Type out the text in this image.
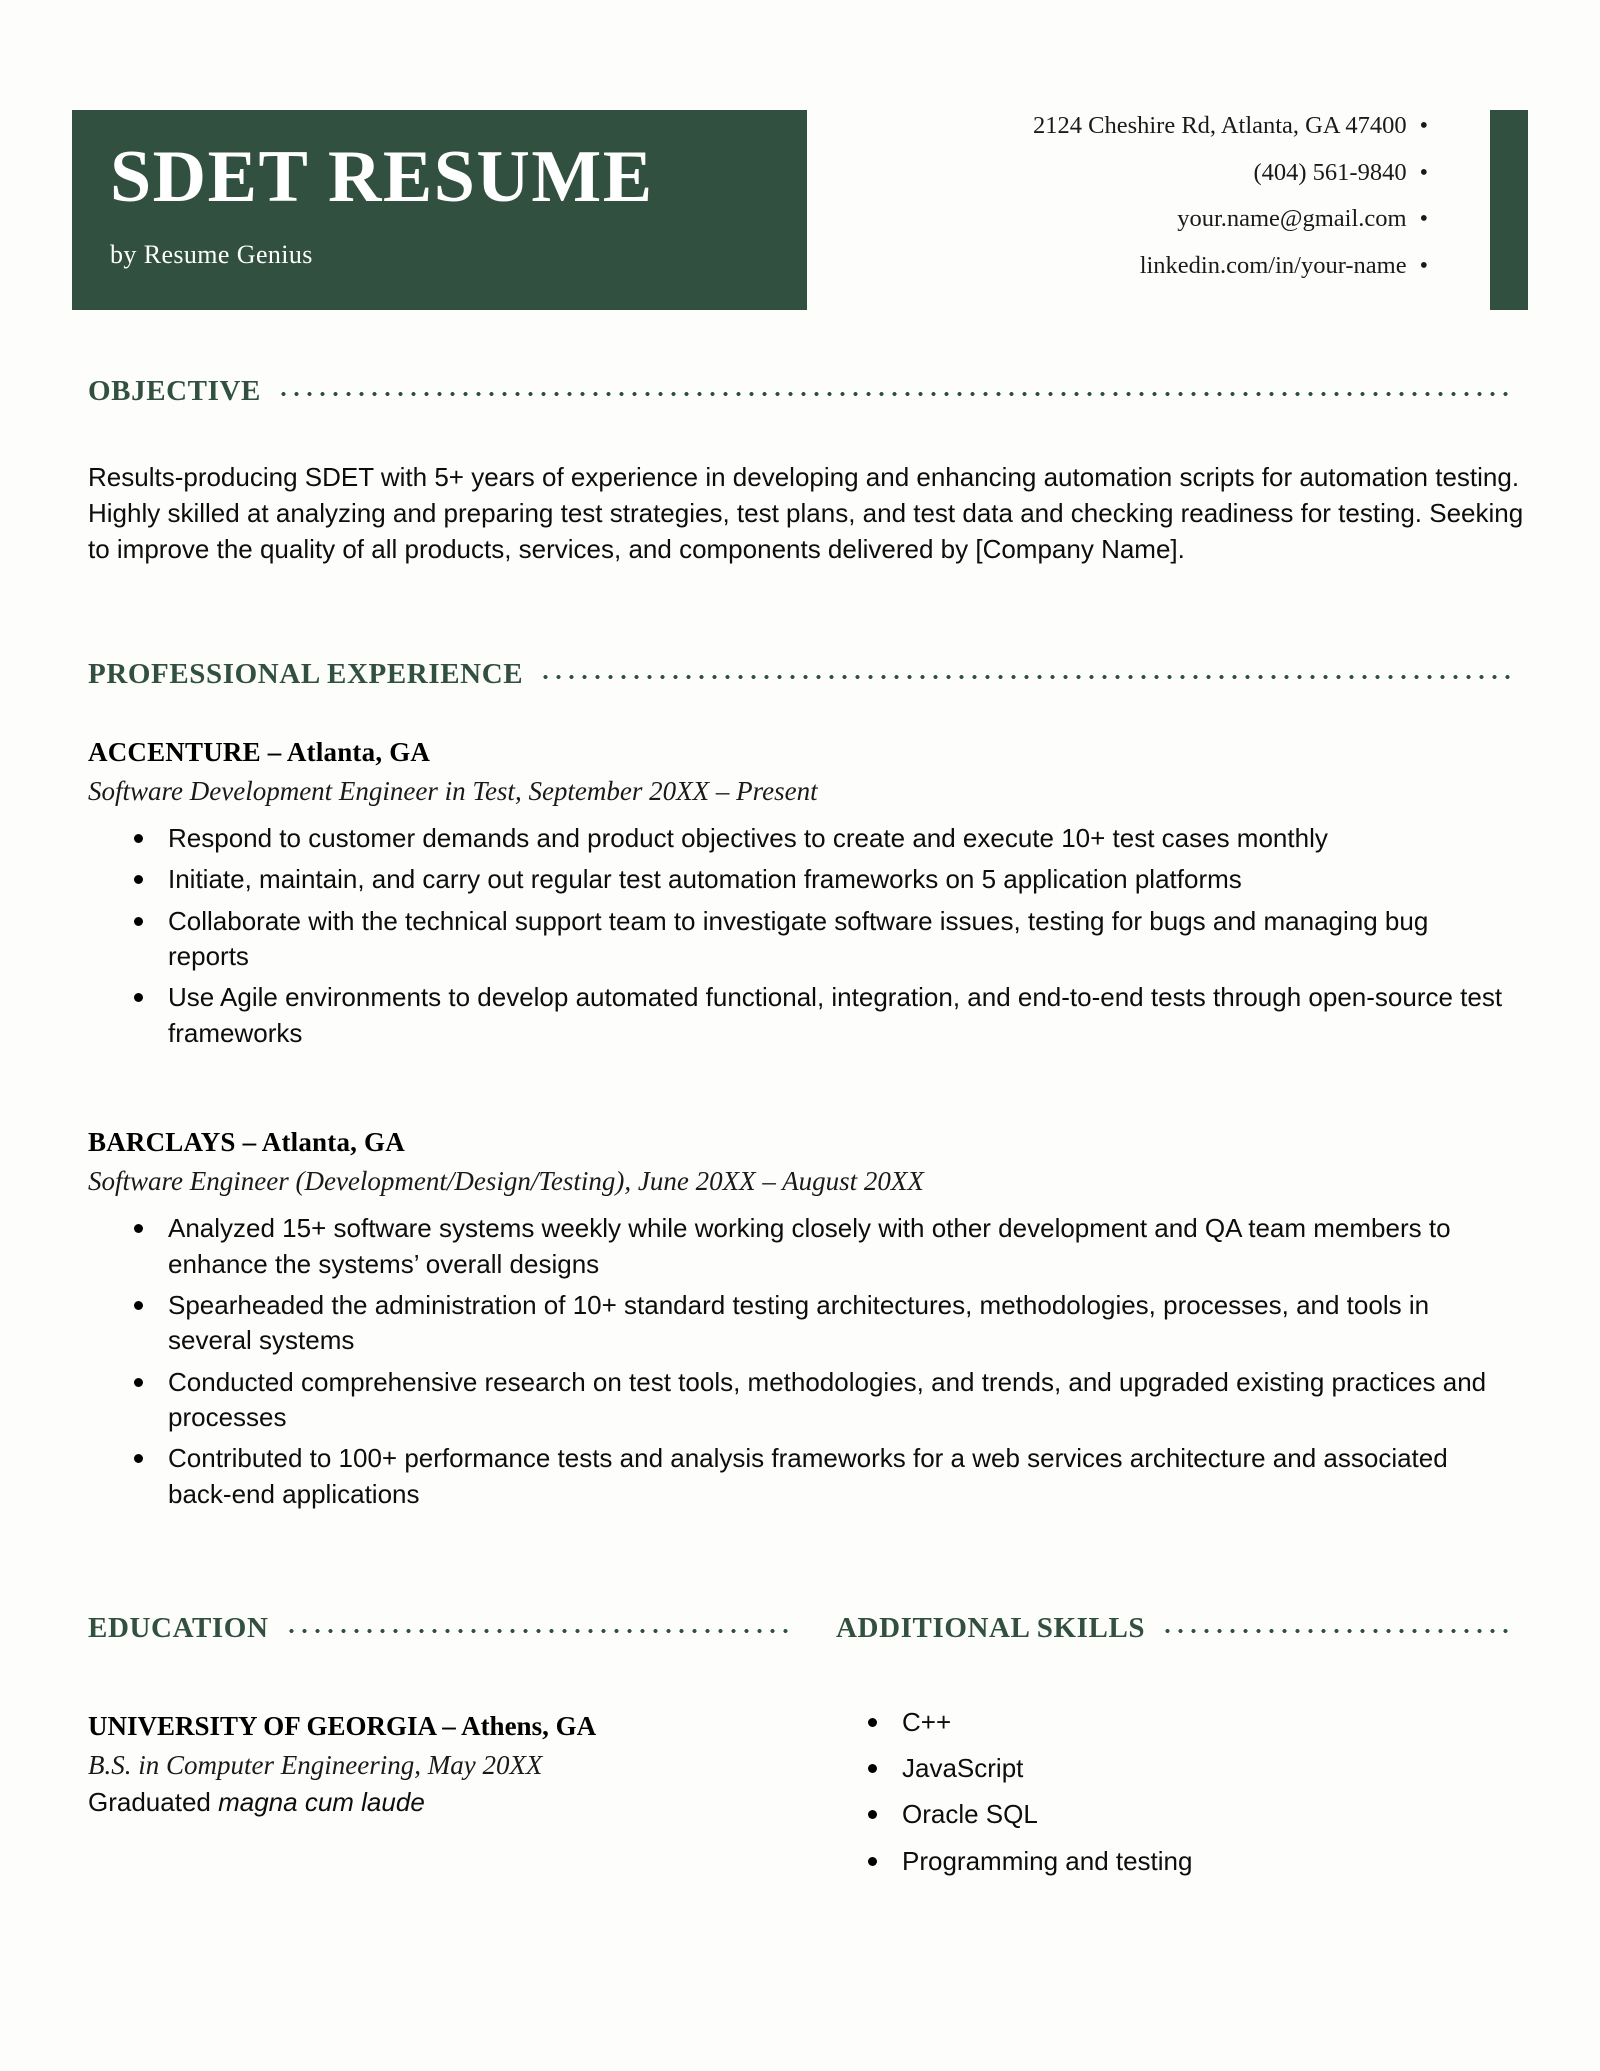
SDET RESUME
by Resume Genius
2124 Cheshire Rd, Atlanta, GA 47400 •
(404) 561-9840 •
your.name@gmail.com •
linkedin.com/in/your-name •
OBJECTIVE
Results-producing SDET with 5+ years of experience in developing and enhancing automation scripts for automation testing. Highly skilled at analyzing and preparing test strategies, test plans, and test data and checking readiness for testing. Seeking to improve the quality of all products, services, and components delivered by [Company Name].
PROFESSIONAL EXPERIENCE
ACCENTURE – Atlanta, GA
Software Development Engineer in Test, September 20XX – Present
Respond to customer demands and product objectives to create and execute 10+ test cases monthly
Initiate, maintain, and carry out regular test automation frameworks on 5 application platforms
Collaborate with the technical support team to investigate software issues, testing for bugs and managing bug reports
Use Agile environments to develop automated functional, integration, and end-to-end tests through open-source test frameworks
BARCLAYS – Atlanta, GA
Software Engineer (Development/Design/Testing), June 20XX – August 20XX
Analyzed 15+ software systems weekly while working closely with other development and QA team members to enhance the systems’ overall designs
Spearheaded the administration of 10+ standard testing architectures, methodologies, processes, and tools in several systems
Conducted comprehensive research on test tools, methodologies, and trends, and upgraded existing practices and processes
Contributed to 100+ performance tests and analysis frameworks for a web services architecture and associated back-end applications
EDUCATION
UNIVERSITY OF GEORGIA – Athens, GA
B.S. in Computer Engineering, May 20XX
Graduated magna cum laude
ADDITIONAL SKILLS
C++
JavaScript
Oracle SQL
Programming and testing
